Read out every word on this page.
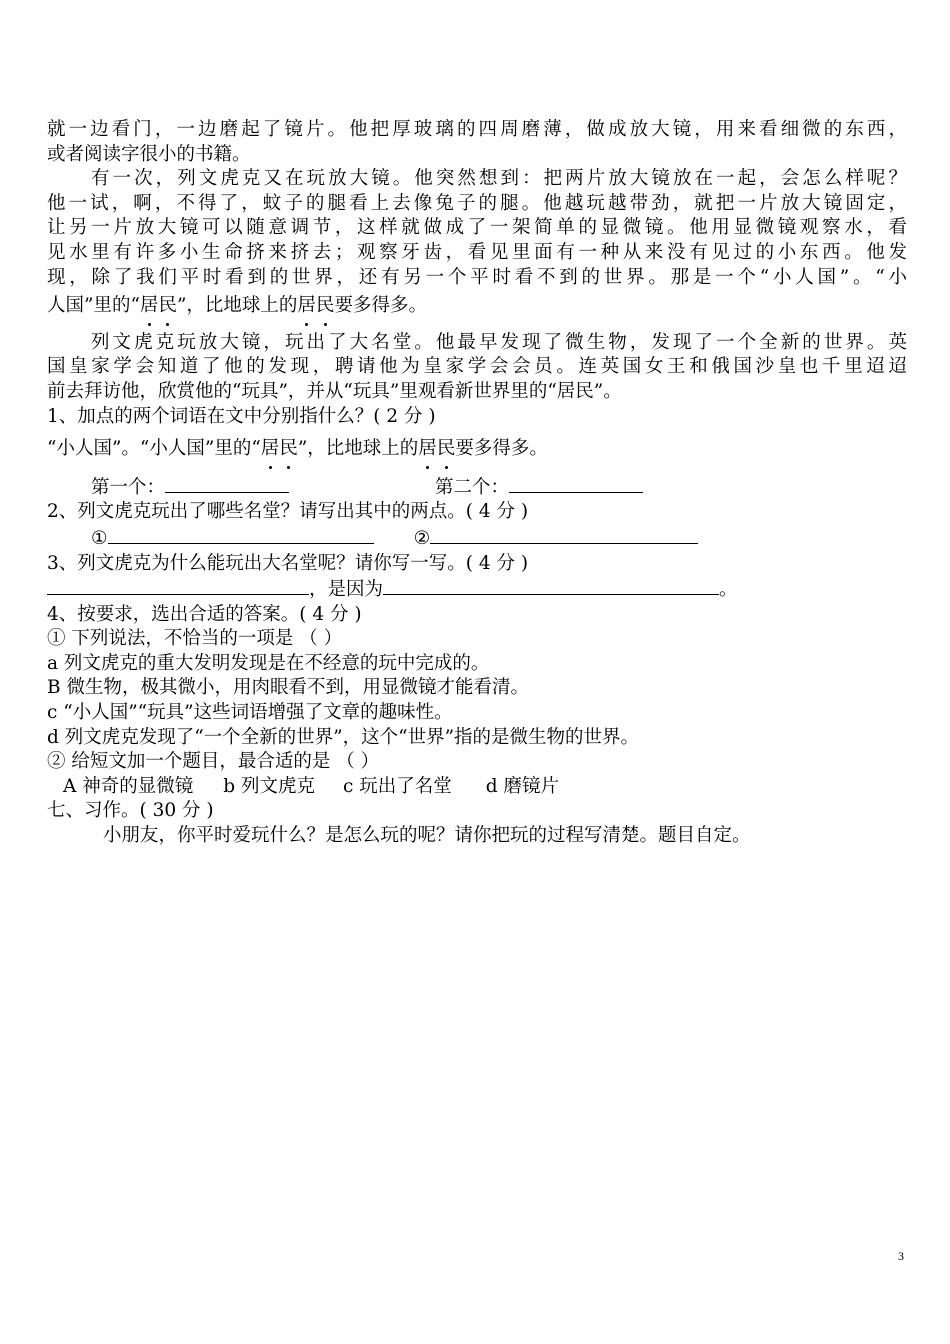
就一边看门，一边磨起了镜片。他把厚玻璃的四周磨薄，做成放大镜，用来看细微的东西，
或者阅读字很小的书籍。
有一次，列文虎克又在玩放大镜。他突然想到：把两片放大镜放在一起，会怎么样呢？
他一试，啊，不得了，蚊子的腿看上去像兔子的腿。他越玩越带劲，就把一片放大镜固定，
让另一片放大镜可以随意调节，这样就做成了一架简单的显微镜。他用显微镜观察水，看
见水里有许多小生命挤来挤去；观察牙齿，看见里面有一种从来没有见过的小东西。他发
现，除了我们平时看到的世界，还有另一个平时看不到的世界。那是一个“小人国”。“小
人国”里的“居民”，比地球上的居民要多得多。
列文虎克玩放大镜，玩出了大名堂。他最早发现了微生物，发现了一个全新的世界。英
国皇家学会知道了他的发现，聘请他为皇家学会会员。连英国女王和俄国沙皇也千里迢迢
前去拜访他，欣赏他的“玩具”，并从“玩具”里观看新世界里的“居民”。
1、加点的两个词语在文中分别指什么？( 2 分 )
“小人国”。“小人国”里的“居民”，比地球上的居民要多得多。
第一个：	第二个：
2、列文虎克玩出了哪些名堂？请写出其中的两点。( 4 分 )
①	②
3、列文虎克为什么能玩出大名堂呢？请你写一写。( 4 分 )
，是因为	。
4、按要求，选出合适的答案。( 4 分 )
① 下列说法，不恰当的一项是 （ ）
a 列文虎克的重大发明发现是在不经意的玩中完成的。
B 微生物，极其微小，用肉眼看不到，用显微镜才能看清。
c “小人国”“玩具”这些词语增强了文章的趣味性。
d 列文虎克发现了“一个全新的世界”，这个“世界”指的是微生物的世界。
② 给短文加一个题目，最合适的是 （ ）
A 神奇的显微镜 b 列文虎克 c 玩出了名堂 d 磨镜片
七、习作。( 30 分 )
小朋友，你平时爱玩什么？是怎么玩的呢？请你把玩的过程写清楚。题目自定。
3
